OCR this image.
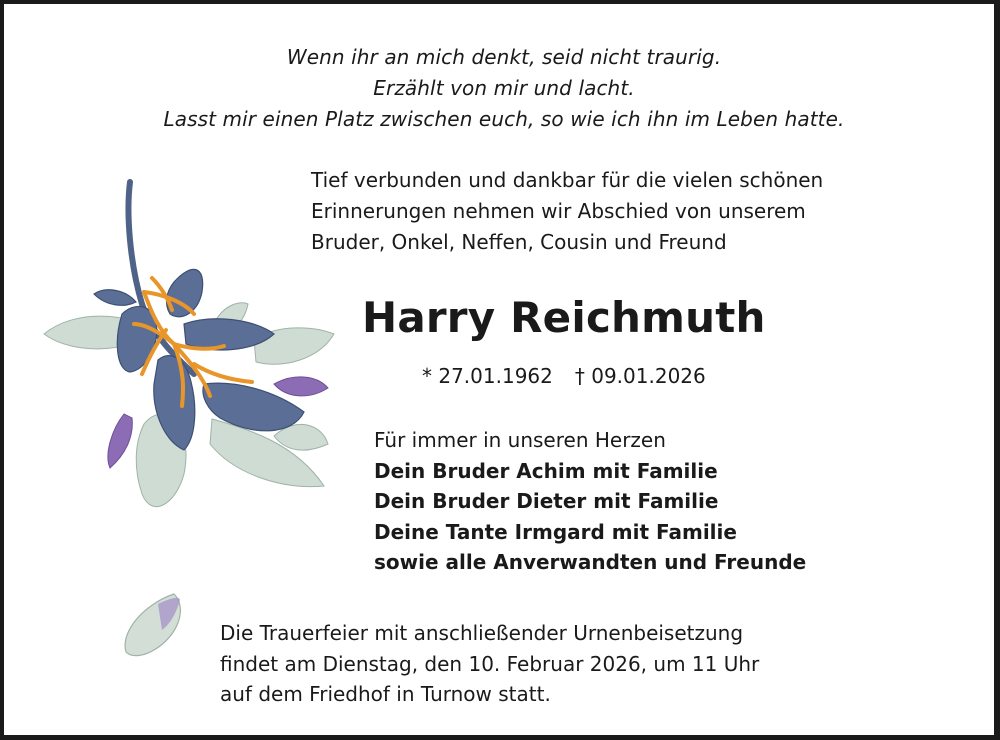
Wenn ihr an mich denkt, seid nicht traurig.
Erzählt von mir und lacht.
Lasst mir einen Platz zwischen euch, so wie ich ihn im Leben hatte.
Tief verbunden und dankbar für die vielen schönen
Erinnerungen nehmen wir Abschied von unserem
Bruder, Onkel, Neffen, Cousin und Freund
Harry Reichmuth
* 27.01.1962 † 09.01.2026
Für immer in unseren Herzen
Dein Bruder Achim mit Familie
Dein Bruder Dieter mit Familie
Deine Tante Irmgard mit Familie
sowie alle Anverwandten und Freunde
Die Trauerfeier mit anschließender Urnenbeisetzung
findet am Dienstag, den 10. Februar 2026, um 11 Uhr
auf dem Friedhof in Turnow statt.
